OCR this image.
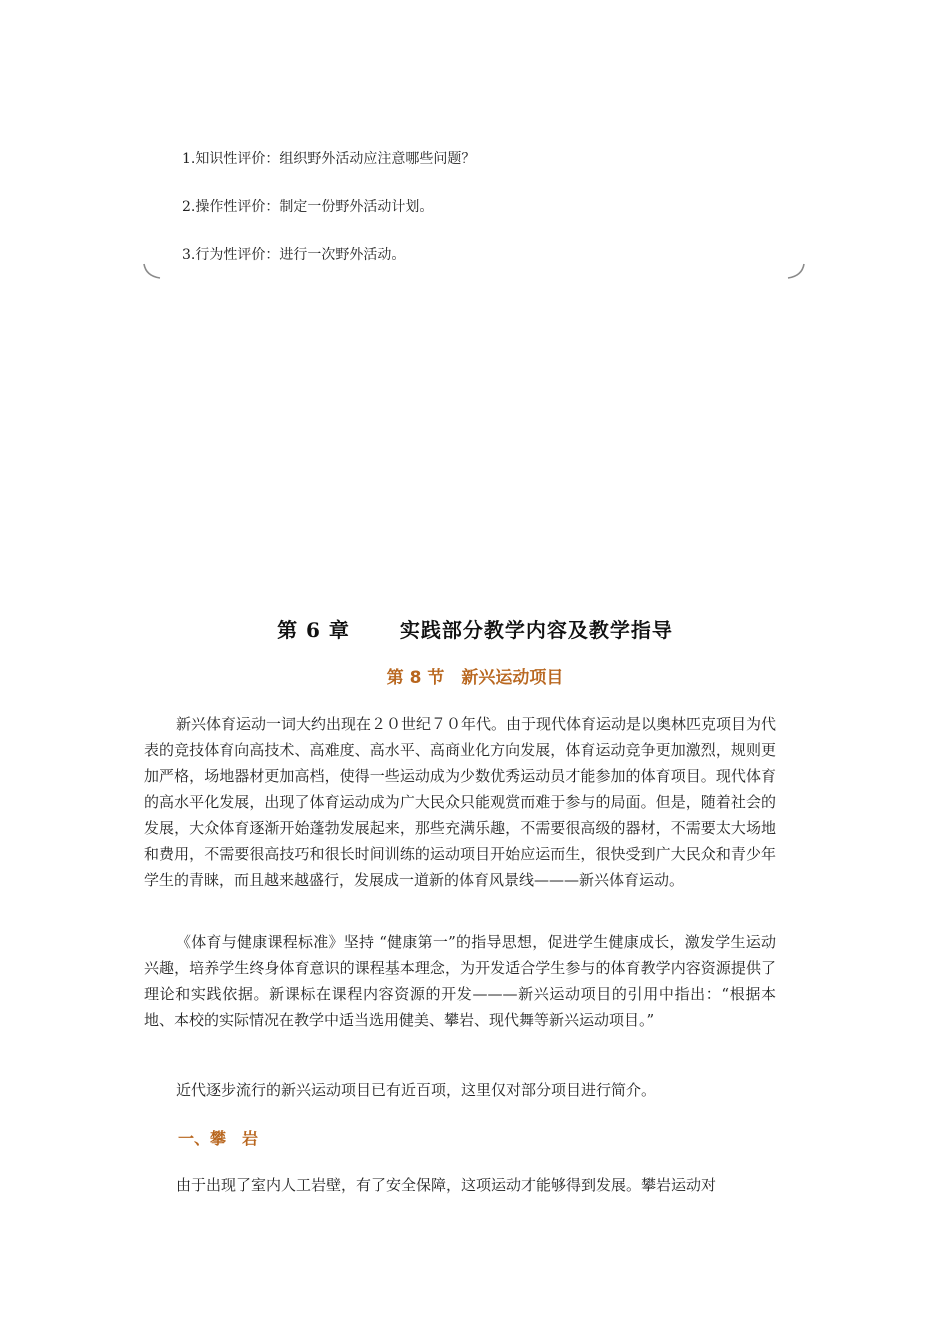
1.知识性评价：组织野外活动应注意哪些问题？
2.操作性评价：制定一份野外活动计划。
3.行为性评价：进行一次野外活动。
第 6 章　　 实践部分教学内容及教学指导
第 8 节　新兴运动项目

新兴体育运动一词大约出现在２０世纪７０年代。由于现代体育运动是以奥林匹克项目为代表的竞技体育向高技术、高难度、高水平、高商业化方向发展，体育运动竞争更加激烈，规则更加严格，场地器材更加高档，使得一些运动成为少数优秀运动员才能参加的体育项目。现代体育的高水平化发展，出现了体育运动成为广大民众只能观赏而难于参与的局面。但是，随着社会的发展，大众体育逐渐开始蓬勃发展起来，那些充满乐趣，不需要很高级的器材，不需要太大场地和费用，不需要很高技巧和很长时间训练的运动项目开始应运而生，很快受到广大民众和青少年学生的青睐，而且越来越盛行，发展成一道新的体育风景线———新兴体育运动。

《体育与健康课程标准》坚持 “健康第一”的指导思想，促进学生健康成长，激发学生运动兴趣，培养学生终身体育意识的课程基本理念，为开发适合学生参与的体育教学内容资源提供了理论和实践依据。新课标在课程内容资源的开发———新兴运动项目的引用中指出：“根据本地、本校的实际情况在教学中适当选用健美、攀岩、现代舞等新兴运动项目。”

近代逐步流行的新兴运动项目已有近百项，这里仅对部分项目进行简介。

一、攀　岩

由于出现了室内人工岩壁，有了安全保障，这项运动才能够得到发展。攀岩运动对
